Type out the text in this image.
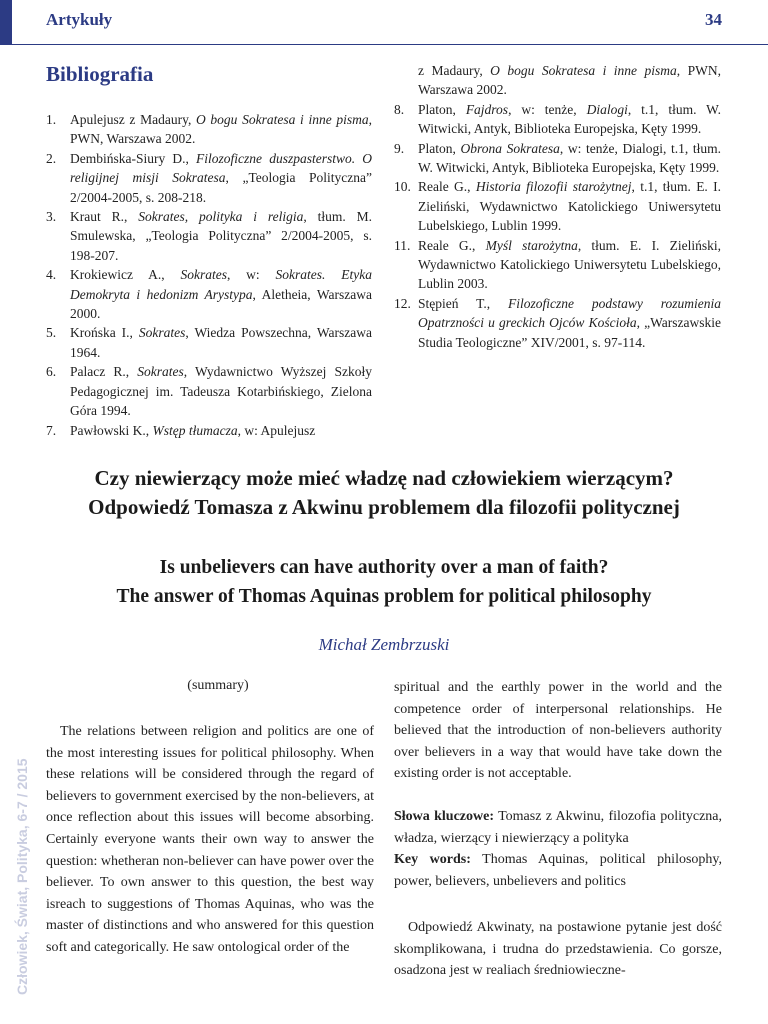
Artykuły	34
Bibliografia

1. Apulejusz z Madaury, O bogu Sokratesa i inne pisma, PWN, Warszawa 2002.

2. Dembińska-Siury D., Filozoficzne duszpasterstwo. O religijnej misji Sokratesa, „Teologia Polityczna” 2/2004-2005, s. 208-218.

3. Kraut R., Sokrates, polityka i religia, tłum. M. Smulewska, „Teologia Polityczna” 2/2004-2005, s. 198-207.

4. Krokiewicz A., Sokrates, w: Sokrates. Etyka Demokryta i hedonizm Arystypa, Aletheia, Warszawa 2000.

5. Krońska I., Sokrates, Wiedza Powszechna, Warszawa 1964.

6. Palacz R., Sokrates, Wydawnictwo Wyższej Szkoły Pedagogicznej im. Tadeusza Kotarbińskiego, Zielona Góra 1994.

7. Pawłowski K., Wstęp tłumacza, w: Apulejusz

z Madaury, O bogu Sokratesa i inne pisma, PWN, Warszawa 2002.

8. Platon, Fajdros, w: tenże, Dialogi, t.1, tłum. W. Witwicki, Antyk, Biblioteka Europejska, Kęty 1999.

9. Platon, Obrona Sokratesa, w: tenże, Dialogi, t.1, tłum. W. Witwicki, Antyk, Biblioteka Europejska, Kęty 1999.

10. Reale G., Historia filozofii starożytnej, t.1, tłum. E. I. Zieliński, Wydawnictwo Katolickiego Uniwersytetu Lubelskiego, Lublin 1999.

11. Reale G., Myśl starożytna, tłum. E. I. Zieliński, Wydawnictwo Katolickiego Uniwersytetu Lubelskiego, Lublin 2003.

12. Stępień T., Filozoficzne podstawy rozumienia Opatrzności u greckich Ojców Kościoła, „Warszawskie Studia Teologiczne” XIV/2001, s. 97-114.

Czy niewierzący może mieć władzę nad człowiekiem wierzącym?
Odpowiedź Tomasza z Akwinu problemem dla filozofii politycznej
Is unbelievers can have authority over a man of faith?
The answer of Thomas Aquinas problem for political philosophy
Michał Zembrzuski
(summary)

The relations between religion and politics are one of the most interesting issues for political philosophy. When these relations will be considered through the regard of believers to government exercised by the non-believers, at once reflection about this issues will become absorbing. Certainly everyone wants their own way to answer the question: whetheran non-believer can have power over the believer. To own answer to this question, the best way isreach to suggestions of Thomas Aquinas, who was the master of distinctions and who answered for this question soft and categorically. He saw ontological order of the

spiritual and the earthly power in the world and the competence order of interpersonal relationships. He believed that the introduction of non-believers authority over believers in a way that would have take down the existing order is not acceptable.

Słowa kluczowe: Tomasz z Akwinu, filozofia polityczna, władza, wierzący i niewierzący a polityka

Key words: Thomas Aquinas, political philosophy, power, believers, unbelievers and politics

Odpowiedź Akwinaty, na postawione pytanie jest dość skomplikowana, i trudna do przedstawienia. Co gorsze, osadzona jest w realiach średniowieczne-

Człowiek, Świat, Polityka, 6-7 / 2015
